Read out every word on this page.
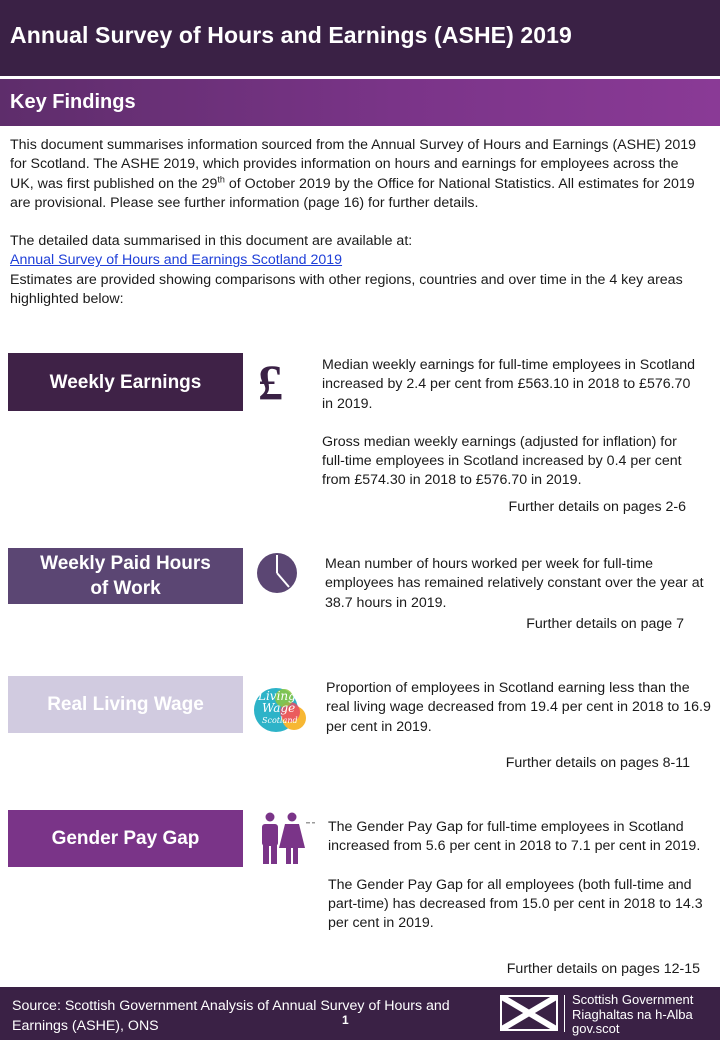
Annual Survey of Hours and Earnings (ASHE) 2019
Key Findings

This document summarises information sourced from the Annual Survey of Hours and Earnings (ASHE) 2019 for Scotland. The ASHE 2019, which provides information on hours and earnings for employees across the UK, was first published on the 29th of October 2019 by the Office for National Statistics. All estimates for 2019 are provisional. Please see further information (page 16) for further details.

The detailed data summarised in this document are available at:

Annual Survey of Hours and Earnings Scotland 2019

Estimates are provided showing comparisons with other regions, countries and over time in the 4 key areas highlighted below:

Weekly Earnings	£	Median weekly earnings for full-time employees in Scotland increased by 2.4 per cent from £563.10 in 2018 to £576.70 in 2019.

Gross median weekly earnings (adjusted for inflation) for full-time employees in Scotland increased by 0.4 per cent from £574.30 in 2018 to £576.70 in 2019.

Further details on pages 2-6
Weekly Paid Hours
of Work

Mean number of hours worked per week for full-time employees has remained relatively constant over the year at 38.7 hours in 2019.

Further details on page 7
Real Living Wage	Living
Wage
Scotland

Proportion of employees in Scotland earning less than the real living wage decreased from 19.4 per cent in 2018 to 16.9 per cent in 2019.

Further details on pages 8-11
Gender Pay Gap

The Gender Pay Gap for full-time employees in Scotland increased from 5.6 per cent in 2018 to 7.1 per cent in 2019.

The Gender Pay Gap for all employees (both full-time and part-time) has decreased from 15.0 per cent in 2018 to 14.3 per cent in 2019.

Further details on pages 12-15
Source: Scottish Government Analysis of Annual Survey of Hours and Earnings (ASHE), ONS	1
Scottish Government
Riaghaltas na h-Alba
gov.scot
